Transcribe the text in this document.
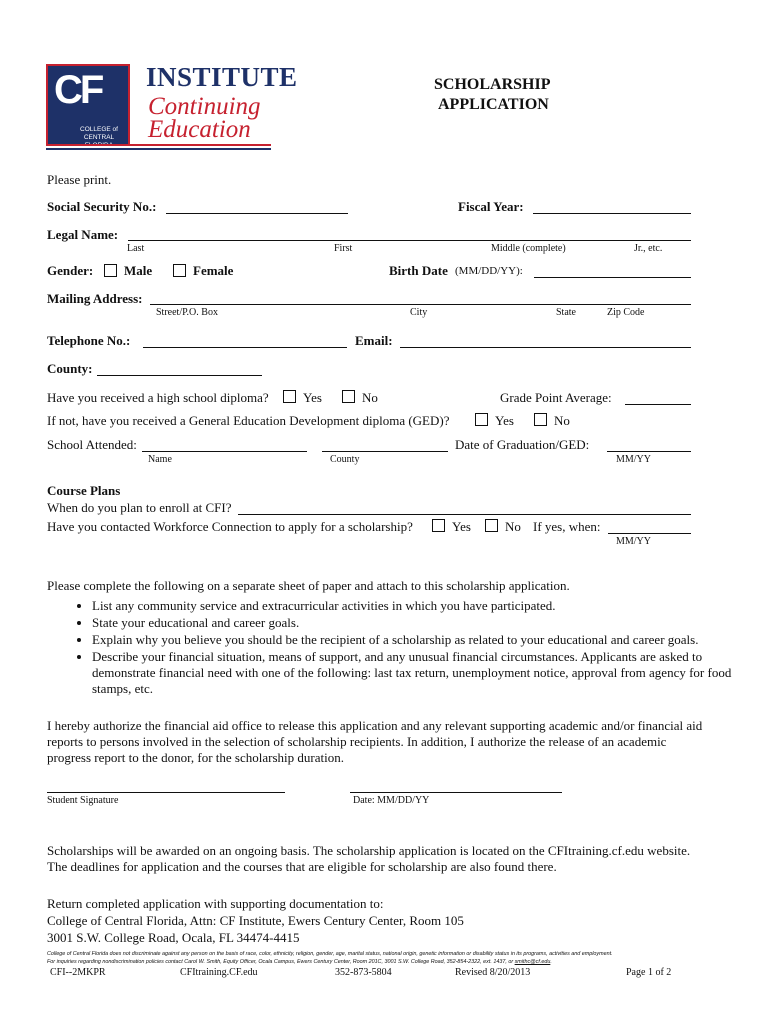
CF
COLLEGE of CENTRAL
INSTITUTE
Continuing
Education
SCHOLARSHIP
APPLICATION
Please print.
Social Security No.:	Fiscal Year:
Legal Name:
Last	First	Middle (complete)	Jr., etc.
Gender: Male	Female	Birth Date (MM/DD/YY):
Mailing Address:
Street/P.O. Box	City	State	Zip Code
Telephone No.:	Email:
County:
Have you received a high school diploma?	Yes	No	Grade Point Average:
If not, have you received a General Education Development diploma (GED)?	Yes	No
School Attended:	Date of Graduation/GED:
Name	County	MM/YY
Course Plans
When do you plan to enroll at CFI?
Have you contacted Workforce Connection to apply for a scholarship?	Yes	No If yes, when:
MM/YY
Please complete the following on a separate sheet of paper and attach to this scholarship application.
• List any community service and extracurricular activities in which you have participated.
• State your educational and career goals.
• Explain why you believe you should be the recipient of a scholarship as related to your educational and career goals.
• Describe your financial situation, means of support, and any unusual financial circumstances. Applicants are asked to demonstrate financial need with one of the following: last tax return, unemployment notice, approval from agency for food stamps, etc.
I hereby authorize the financial aid office to release this application and any relevant supporting academic and/or financial aid reports to persons involved in the selection of scholarship recipients. In addition, I authorize the release of an academic progress report to the donor, for the scholarship duration.
Student Signature	Date: MM/DD/YY
Scholarships will be awarded on an ongoing basis. The scholarship application is located on the CFItraining.cf.edu website. The deadlines for application and the courses that are eligible for scholarship are also found there.
Return completed application with supporting documentation to:
College of Central Florida, Attn: CF Institute, Ewers Century Center, Room 105
3001 S.W. College Road, Ocala, FL 34474-4415
College of Central Florida does not discriminate against any person on the basis of race, color, ethnicity, religion, gender, age, marital status, national origin, genetic information or disability status in its programs, activities and employment.
For inquiries regarding nondiscrimination policies contact Carol W. Smith, Equity Officer, Ocala Campus, Ewers Century Center, Room 201C, 3001 S.W. College Road, 352-854-2322, ext. 1437, or smithc@cf.edu.
CFI--2MKPR	CFItraining.CF.edu	352-873-5804	Revised 8/20/2013	Page 1 of 2
